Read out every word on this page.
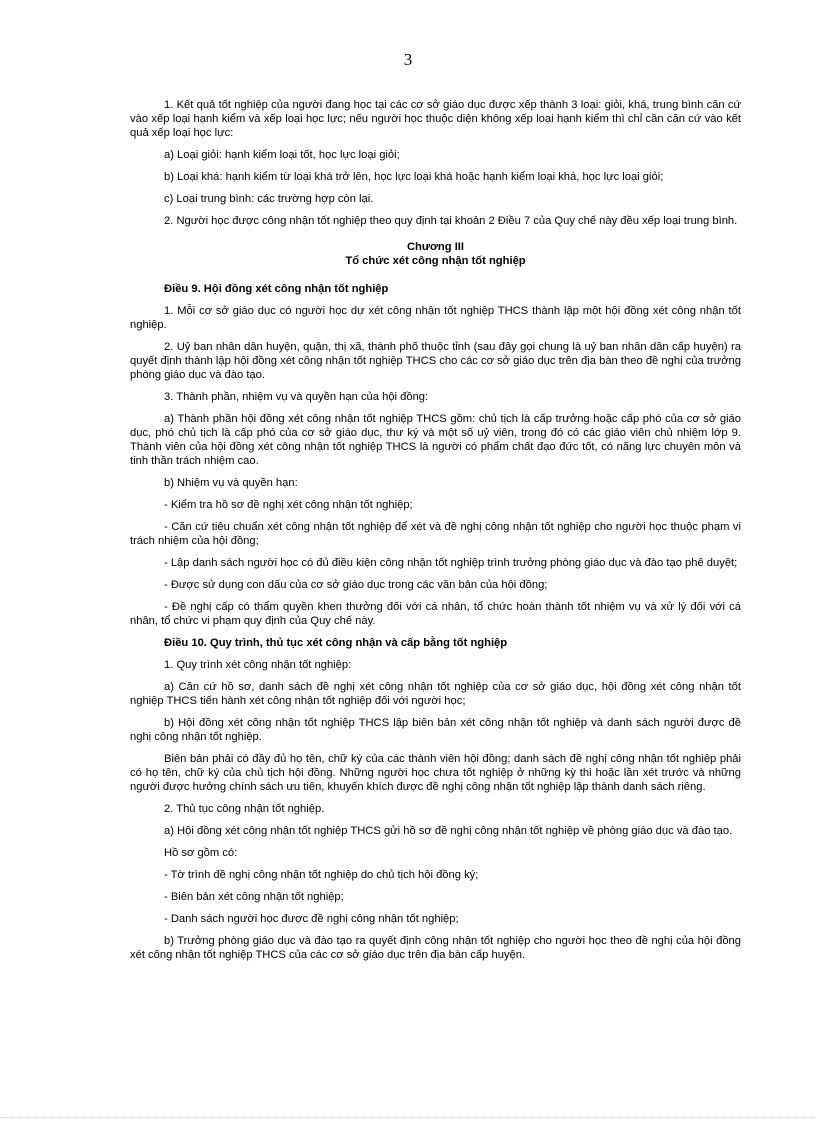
3

1. Kết quả tốt nghiệp của người đang học tại các cơ sở giáo dục được xếp thành 3 loại: giỏi, khá, trung bình căn cứ vào xếp loại hạnh kiểm và xếp loại học lực; nếu người học thuộc diện không xếp loại hạnh kiểm thì chỉ cần căn cứ vào kết quả xếp loại học lực:

a) Loại giỏi: hạnh kiểm loại tốt, học lực loại giỏi;

b) Loại khá: hạnh kiểm từ loại khá trở lên, học lực loại khá hoặc hạnh kiểm loại khá, học lực loại giỏi;

c) Loại trung bình: các trường hợp còn lại.

2. Người học được công nhận tốt nghiệp theo quy định tại khoản 2 Điều 7 của Quy chế này đều xếp loại trung bình.

Chương III
Tổ chức xét công nhận tốt nghiệp
Điều 9. Hội đồng xét công nhận tốt nghiệp

1. Mỗi cơ sở giáo dục có người học dự xét công nhận tốt nghiệp THCS thành lập một hội đồng xét công nhận tốt nghiệp.

2. Uỷ ban nhân dân huyện, quận, thị xã, thành phố thuộc tỉnh (sau đây gọi chung là uỷ ban nhân dân cấp huyện) ra quyết định thành lập hội đồng xét công nhận tốt nghiệp THCS cho các cơ sở giáo dục trên địa bàn theo đề nghị của trưởng phòng giáo dục và đào tạo.

3. Thành phần, nhiệm vụ và quyền hạn của hội đồng:

a) Thành phần hội đồng xét công nhận tốt nghiệp THCS gồm: chủ tịch là cấp trưởng hoặc cấp phó của cơ sở giáo dục, phó chủ tịch là cấp phó của cơ sở giáo dục, thư ký và một số uỷ viên, trong đó có các giáo viên chủ nhiệm lớp 9. Thành viên của hội đồng xét công nhận tốt nghiệp THCS là người có phẩm chất đạo đức tốt, có năng lực chuyên môn và tinh thần trách nhiệm cao.

b) Nhiệm vụ và quyền hạn:

- Kiểm tra hồ sơ đề nghị xét công nhận tốt nghiệp;

- Căn cứ tiêu chuẩn xét công nhận tốt nghiệp để xét và đề nghị công nhận tốt nghiệp cho người học thuộc phạm vi trách nhiệm của hội đồng;

- Lập danh sách người học có đủ điều kiện công nhận tốt nghiệp trình trưởng phòng giáo dục và đào tạo phê duyệt;

- Được sử dụng con dấu của cơ sở giáo dục trong các văn bản của hội đồng;

- Đề nghị cấp có thẩm quyền khen thưởng đối với cá nhân, tổ chức hoàn thành tốt nhiệm vụ và xử lý đối với cá nhân, tổ chức vi phạm quy định của Quy chế này.

Điều 10. Quy trình, thủ tục xét công nhận và cấp bằng tốt nghiệp

1. Quy trình xét công nhận tốt nghiệp:

a) Căn cứ hồ sơ, danh sách đề nghị xét công nhận tốt nghiệp của cơ sở giáo dục, hội đồng xét công nhận tốt nghiệp THCS tiến hành xét công nhận tốt nghiệp đối với người học;

b) Hội đồng xét công nhận tốt nghiệp THCS lập biên bản xét công nhận tốt nghiệp và danh sách người được đề nghị công nhận tốt nghiệp.

Biên bản phải có đầy đủ họ tên, chữ ký của các thành viên hội đồng; danh sách đề nghị công nhận tốt nghiệp phải có họ tên, chữ ký của chủ tịch hội đồng. Những người học chưa tốt nghiệp ở những kỳ thi hoặc lần xét trước và những người được hưởng chính sách ưu tiên, khuyến khích được đề nghị công nhận tốt nghiệp lập thành danh sách riêng.

2. Thủ tục công nhận tốt nghiệp.

a) Hội đồng xét công nhận tốt nghiệp THCS gửi hồ sơ đề nghị công nhận tốt nghiệp về phòng giáo dục và đào tạo.

Hồ sơ gồm có:

- Tờ trình đề nghị công nhận tốt nghiệp do chủ tịch hội đồng ký;

- Biên bản xét công nhận tốt nghiệp;

- Danh sách người học được đề nghị công nhận tốt nghiệp;

b) Trưởng phòng giáo dục và đào tạo ra quyết định công nhận tốt nghiệp cho người học theo đề nghị của hội đồng xét công nhận tốt nghiệp THCS của các cơ sở giáo dục trên địa bàn cấp huyện.
